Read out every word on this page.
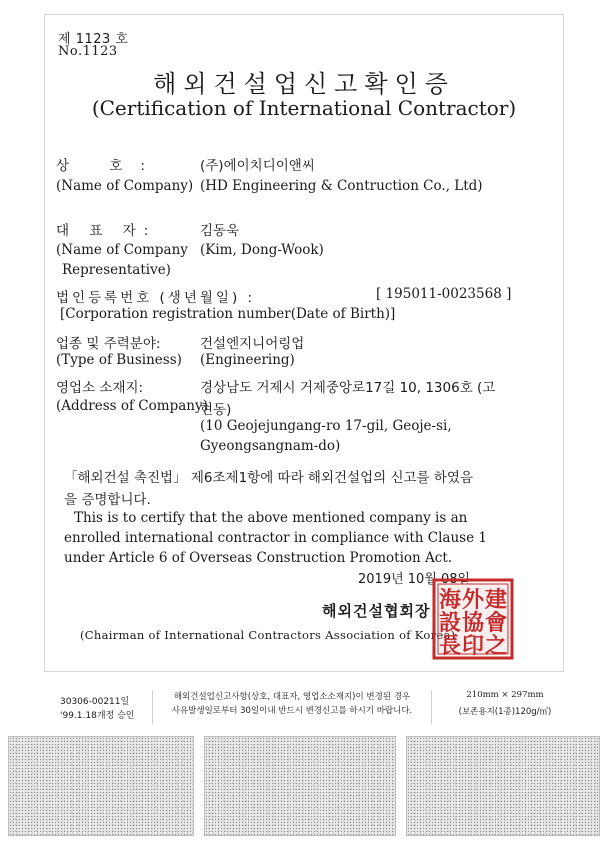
제 1123 호
No.1123
해외건설업신고확인증
(Certification of International Contractor)
상 호:	(주)에이치디이앤씨
(Name of Company) (HD Engineering & Contruction Co., Ltd)
대 표 자:	김동욱
(Name of Company (Kim, Dong-Wook)
Representative)
법인등록번호 (생년월일) :	[ 195011-0023568 ]
[Corporation registration number(Date of Birth)]
업종 및 주력분야:	건설엔지니어링업
(Type of Business) (Engineering)
영업소 소재지:	경상남도 거제시 거제중앙로17길 10, 1306호 (고
(Address of Company)
현동)
(10 Geojejungang-ro 17-gil, Geoje-si,
Gyeongsangnam-do)
「해외건설 촉진법」 제6조제1항에 따라 해외건설업의 신고를 하였음
을 증명합니다.
This is to certify that the above mentioned company is an
enrolled international contractor in compliance with Clause 1
under Article 6 of Overseas Construction Promotion Act.
2019년 10월 08일
해외건설협회장
(Chairman of International Contractors Association of Korea)
海 外 建
設 協 會
長 印 之
30306-00211일
'99.1.18개정 승인
해외건설업신고사항(상호, 대표자, 영업소소재지)이 변경된 경우
사유발생일로부터 30일이내 반드시 변경신고를 하시기 바랍니다.
210mm × 297mm
(보존용지(1종)120g/㎡)
